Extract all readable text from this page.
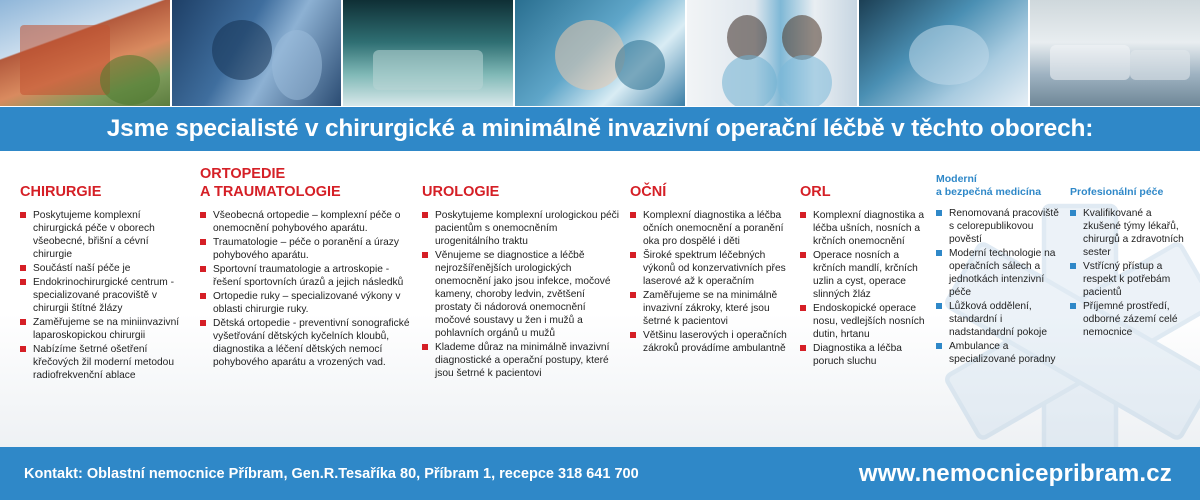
Jsme specialisté v chirurgické a minimálně invazivní operační léčbě v těchto oborech:
CHIRURGIE
Poskytujeme komplexní chirurgická péče v oborech všeobecné, břišní a cévní chirurgie
Součástí naší péče je
Endokrinochirurgické centrum - specializované pracoviště v chirurgii štítné žlázy
Zaměřujeme se na miniinvazivní laparoskopickou chirurgii
Nabízíme šetrné ošetření křečových žil moderní metodou radiofrekvenční ablace
ORTOPEDIE
A TRAUMATOLOGIE
Všeobecná ortopedie – komplexní péče o onemocnění pohybového aparátu.
Traumatologie – péče o poranění a úrazy pohybového aparátu.
Sportovní traumatologie a artroskopie - řešení sportovních úrazů a jejich následků
Ortopedie ruky – specializované výkony v oblasti chirurgie ruky.
Dětská ortopedie - preventivní sonografické vyšetřování dětských kyčelních kloubů, diagnostika a léčení dětských nemocí pohybového aparátu a vrozených vad.
UROLOGIE
Poskytujeme komplexní urologickou péči pacientům s onemocněním urogenitálního traktu
Věnujeme se diagnostice a léčbě nejrozšířenějších urologických onemocnění jako jsou infekce, močové kameny, choroby ledvin, zvětšení prostaty či nádorová onemocnění močové soustavy u žen i mužů a pohlavních orgánů u mužů
Klademe důraz na minimálně invazivní diagnostické a operační postupy, které jsou šetrné k pacientovi
OČNÍ
Komplexní diagnostika a léčba očních onemocnění a poranění oka pro dospělé i děti
Široké spektrum léčebných výkonů od konzervativních přes laserové až k operačním
Zaměřujeme se na minimálně invazivní zákroky, které jsou šetrné k pacientovi
Většinu laserových i operačních zákroků provádíme ambulantně
ORL
Komplexní diagnostika a léčba ušních, nosních a krčních onemocnění
Operace nosních a krčních mandlí, krčních uzlin a cyst, operace slinných žláz
Endoskopické operace nosu, vedlejších nosních dutin, hrtanu
Diagnostika a léčba poruch sluchu
Moderní
a bezpečná medicína
Renomovaná pracoviště s celorepublikovou pověstí
Moderní technologie na operačních sálech a jednotkách intenzivní péče
Lůžková oddělení, standardní i nadstandardní pokoje
Ambulance a specializované poradny
Profesionální péče
Kvalifikované a zkušené týmy lékařů, chirurgů a zdravotních sester
Vstřícný přístup a respekt k potřebám pacientů
Příjemné prostředí, odborné zázemí celé nemocnice
Kontakt: Oblastní nemocnice Příbram, Gen.R.Tesaříka 80, Příbram 1, recepce 318 641 700	www.nemocnicepribram.cz
